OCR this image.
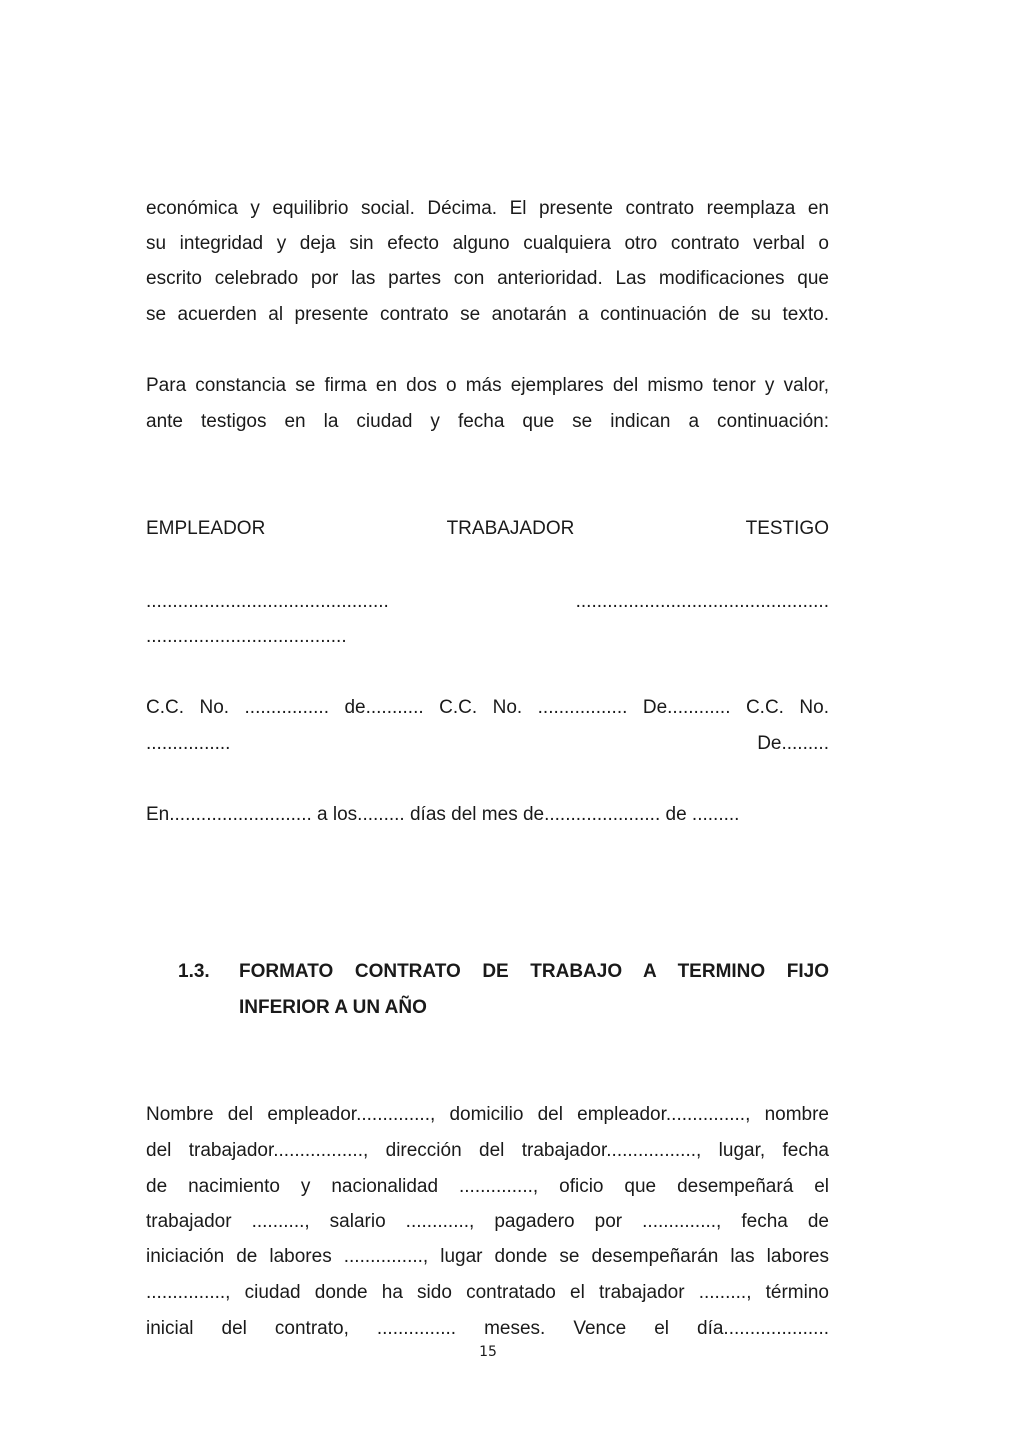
económica y equilibrio social. Décima. El presente contrato reemplaza en
su integridad y deja sin efecto alguno cualquiera otro contrato verbal o
escrito celebrado por las partes con anterioridad. Las modificaciones que
se acuerden al presente contrato se anotarán a continuación de su texto.
Para constancia se firma en dos o más ejemplares del mismo tenor y valor,
ante testigos en la ciudad y fecha que se indican a continuación:
EMPLEADOR	TRABAJADOR	TESTIGO
..............................................	................................................
......................................
C.C. No. ................ de........... C.C. No. ................. De............ C.C. No.
................	De.........
En........................... a los......... días del mes de...................... de .........
1.3.	FORMATO CONTRATO DE TRABAJO A TERMINO FIJO
INFERIOR A UN AÑO
Nombre del empleador.............., domicilio del empleador..............., nombre
del trabajador................., dirección del trabajador................., lugar, fecha
de nacimiento y nacionalidad .............., oficio que desempeñará el
trabajador .........., salario ............, pagadero por .............., fecha de
iniciación de labores ..............., lugar donde se desempeñarán las labores
..............., ciudad donde ha sido contratado el trabajador ........., término
inicial del contrato, ............... meses. Vence el día....................
15
